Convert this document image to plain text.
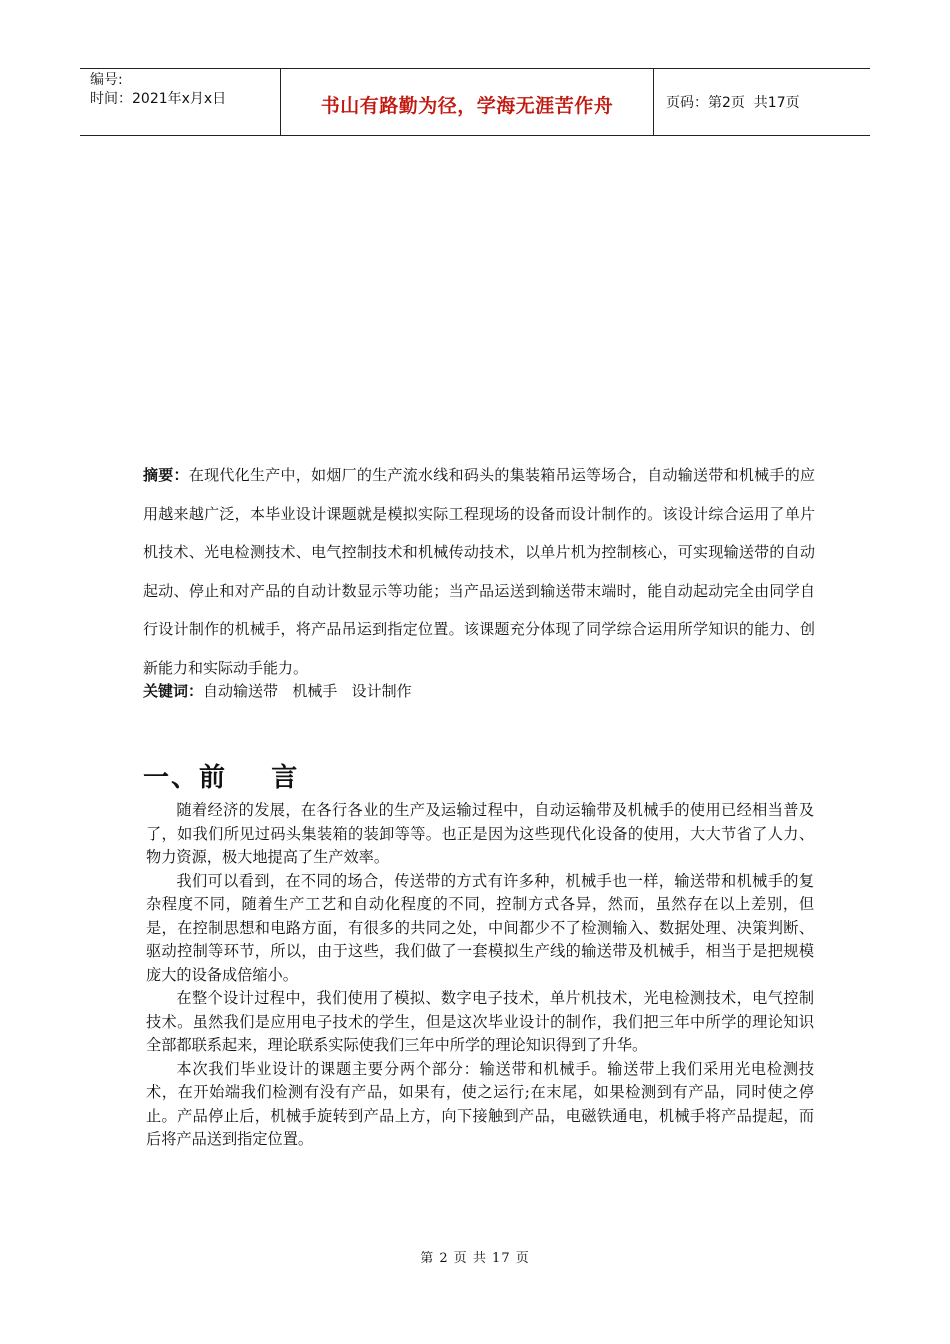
编号:
时间：2021年x月x日	书山有路勤为径，学海无涯苦作舟	页码：第2页  共17页

摘要：在现代化生产中，如烟厂的生产流水线和码头的集装箱吊运等场合，自动输送带和机械手的应用越来越广泛，本毕业设计课题就是模拟实际工程现场的设备而设计制作的。该设计综合运用了单片机技术、光电检测技术、电气控制技术和机械传动技术，以单片机为控制核心，可实现输送带的自动起动、停止和对产品的自动计数显示等功能；当产品运送到输送带末端时，能自动起动完全由同学自行设计制作的机械手，将产品吊运到指定位置。该课题充分体现了同学综合运用所学知识的能力、创新能力和实际动手能力。

关键词：自动输送带   机械手   设计制作
一、前    言

随着经济的发展，在各行各业的生产及运输过程中，自动运输带及机械手的使用已经相当普及了，如我们所见过码头集装箱的装卸等等。也正是因为这些现代化设备的使用，大大节省了人力、物力资源，极大地提高了生产效率。

我们可以看到，在不同的场合，传送带的方式有许多种，机械手也一样，输送带和机械手的复杂程度不同，随着生产工艺和自动化程度的不同，控制方式各异，然而，虽然存在以上差别，但是，在控制思想和电路方面，有很多的共同之处，中间都少不了检测输入、数据处理、决策判断、驱动控制等环节，所以，由于这些，我们做了一套模拟生产线的输送带及机械手，相当于是把规模庞大的设备成倍缩小。

在整个设计过程中，我们使用了模拟、数字电子技术，单片机技术，光电检测技术，电气控制技术。虽然我们是应用电子技术的学生，但是这次毕业设计的制作，我们把三年中所学的理论知识全部都联系起来，理论联系实际使我们三年中所学的理论知识得到了升华。

本次我们毕业设计的课题主要分两个部分：输送带和机械手。输送带上我们采用光电检测技术，在开始端我们检测有没有产品，如果有，使之运行;在末尾，如果检测到有产品，同时使之停止。产品停止后，机械手旋转到产品上方，向下接触到产品，电磁铁通电，机械手将产品提起，而后将产品送到指定位置。

第 2 页 共 17 页
